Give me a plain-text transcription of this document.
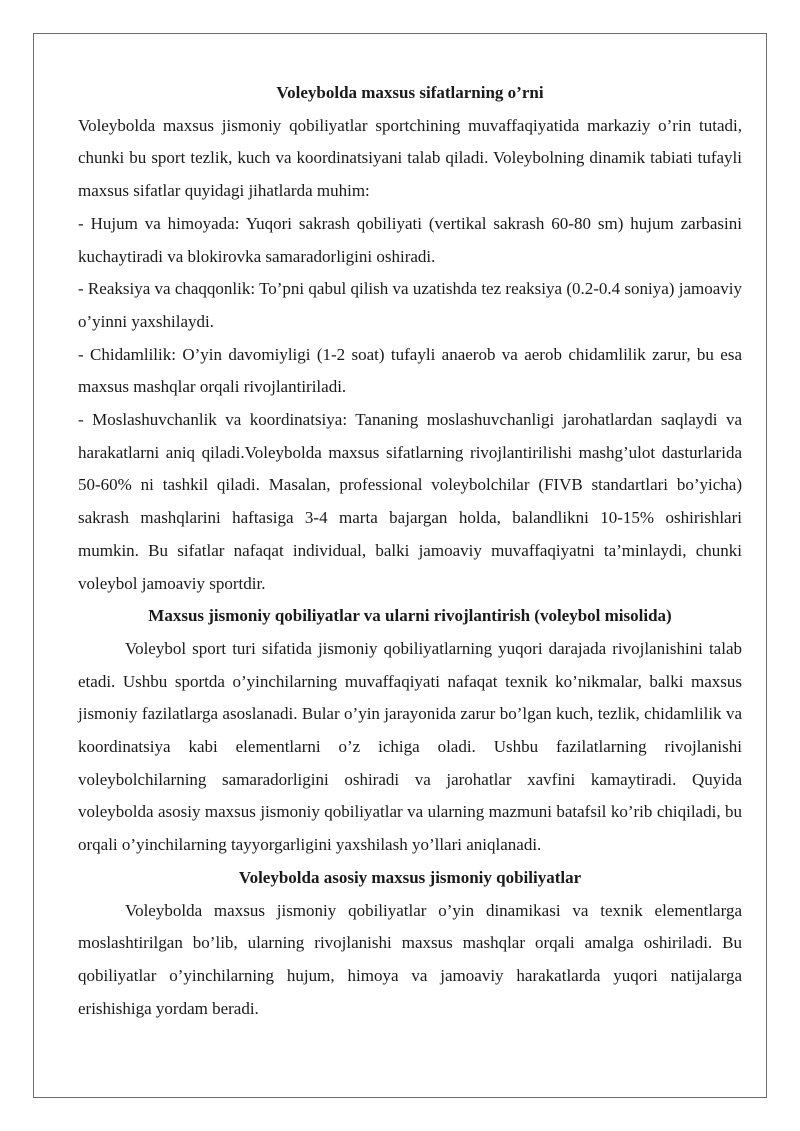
Voleybolda maxsus sifatlarning o’rni

Voleybolda maxsus jismoniy qobiliyatlar sportchining muvaffaqiyatida markaziy o’rin tutadi, chunki bu sport tezlik, kuch va koordinatsiyani talab qiladi. Voleybolning dinamik tabiati tufayli maxsus sifatlar quyidagi jihatlarda muhim:

- Hujum va himoyada: Yuqori sakrash qobiliyati (vertikal sakrash 60-80 sm) hujum zarbasini kuchaytiradi va blokirovka samaradorligini oshiradi.

- Reaksiya va chaqqonlik: To’pni qabul qilish va uzatishda tez reaksiya (0.2-0.4 soniya) jamoaviy o’yinni yaxshilaydi.

- Chidamlilik: O’yin davomiyligi (1-2 soat) tufayli anaerob va aerob chidamlilik zarur, bu esa maxsus mashqlar orqali rivojlantiriladi.

- Moslashuvchanlik va koordinatsiya: Tananing moslashuvchanligi jarohatlardan saqlaydi va harakatlarni aniq qiladi.Voleybolda maxsus sifatlarning rivojlantirilishi mashg’ulot dasturlarida 50-60% ni tashkil qiladi. Masalan, professional voleybolchilar (FIVB standartlari bo’yicha) sakrash mashqlarini haftasiga 3-4 marta bajargan holda, balandlikni 10-15% oshirishlari mumkin. Bu sifatlar nafaqat individual, balki jamoaviy muvaffaqiyatni ta’minlaydi, chunki voleybol jamoaviy sportdir.

Maxsus jismoniy qobiliyatlar va ularni rivojlantirish (voleybol misolida)

Voleybol sport turi sifatida jismoniy qobiliyatlarning yuqori darajada rivojlanishini talab etadi. Ushbu sportda o’yinchilarning muvaffaqiyati nafaqat texnik ko’nikmalar, balki maxsus jismoniy fazilatlarga asoslanadi. Bular o’yin jarayonida zarur bo’lgan kuch, tezlik, chidamlilik va koordinatsiya kabi elementlarni o’z ichiga oladi. Ushbu fazilatlarning rivojlanishi voleybolchilarning samaradorligini oshiradi va jarohatlar xavfini kamaytiradi. Quyida voleybolda asosiy maxsus jismoniy qobiliyatlar va ularning mazmuni batafsil ko’rib chiqiladi, bu orqali o’yinchilarning tayyorgarligini yaxshilash yo’llari aniqlanadi.

Voleybolda asosiy maxsus jismoniy qobiliyatlar

Voleybolda maxsus jismoniy qobiliyatlar o’yin dinamikasi va texnik elementlarga moslashtirilgan bo’lib, ularning rivojlanishi maxsus mashqlar orqali amalga oshiriladi. Bu qobiliyatlar o’yinchilarning hujum, himoya va jamoaviy harakatlarda yuqori natijalarga erishishiga yordam beradi.
